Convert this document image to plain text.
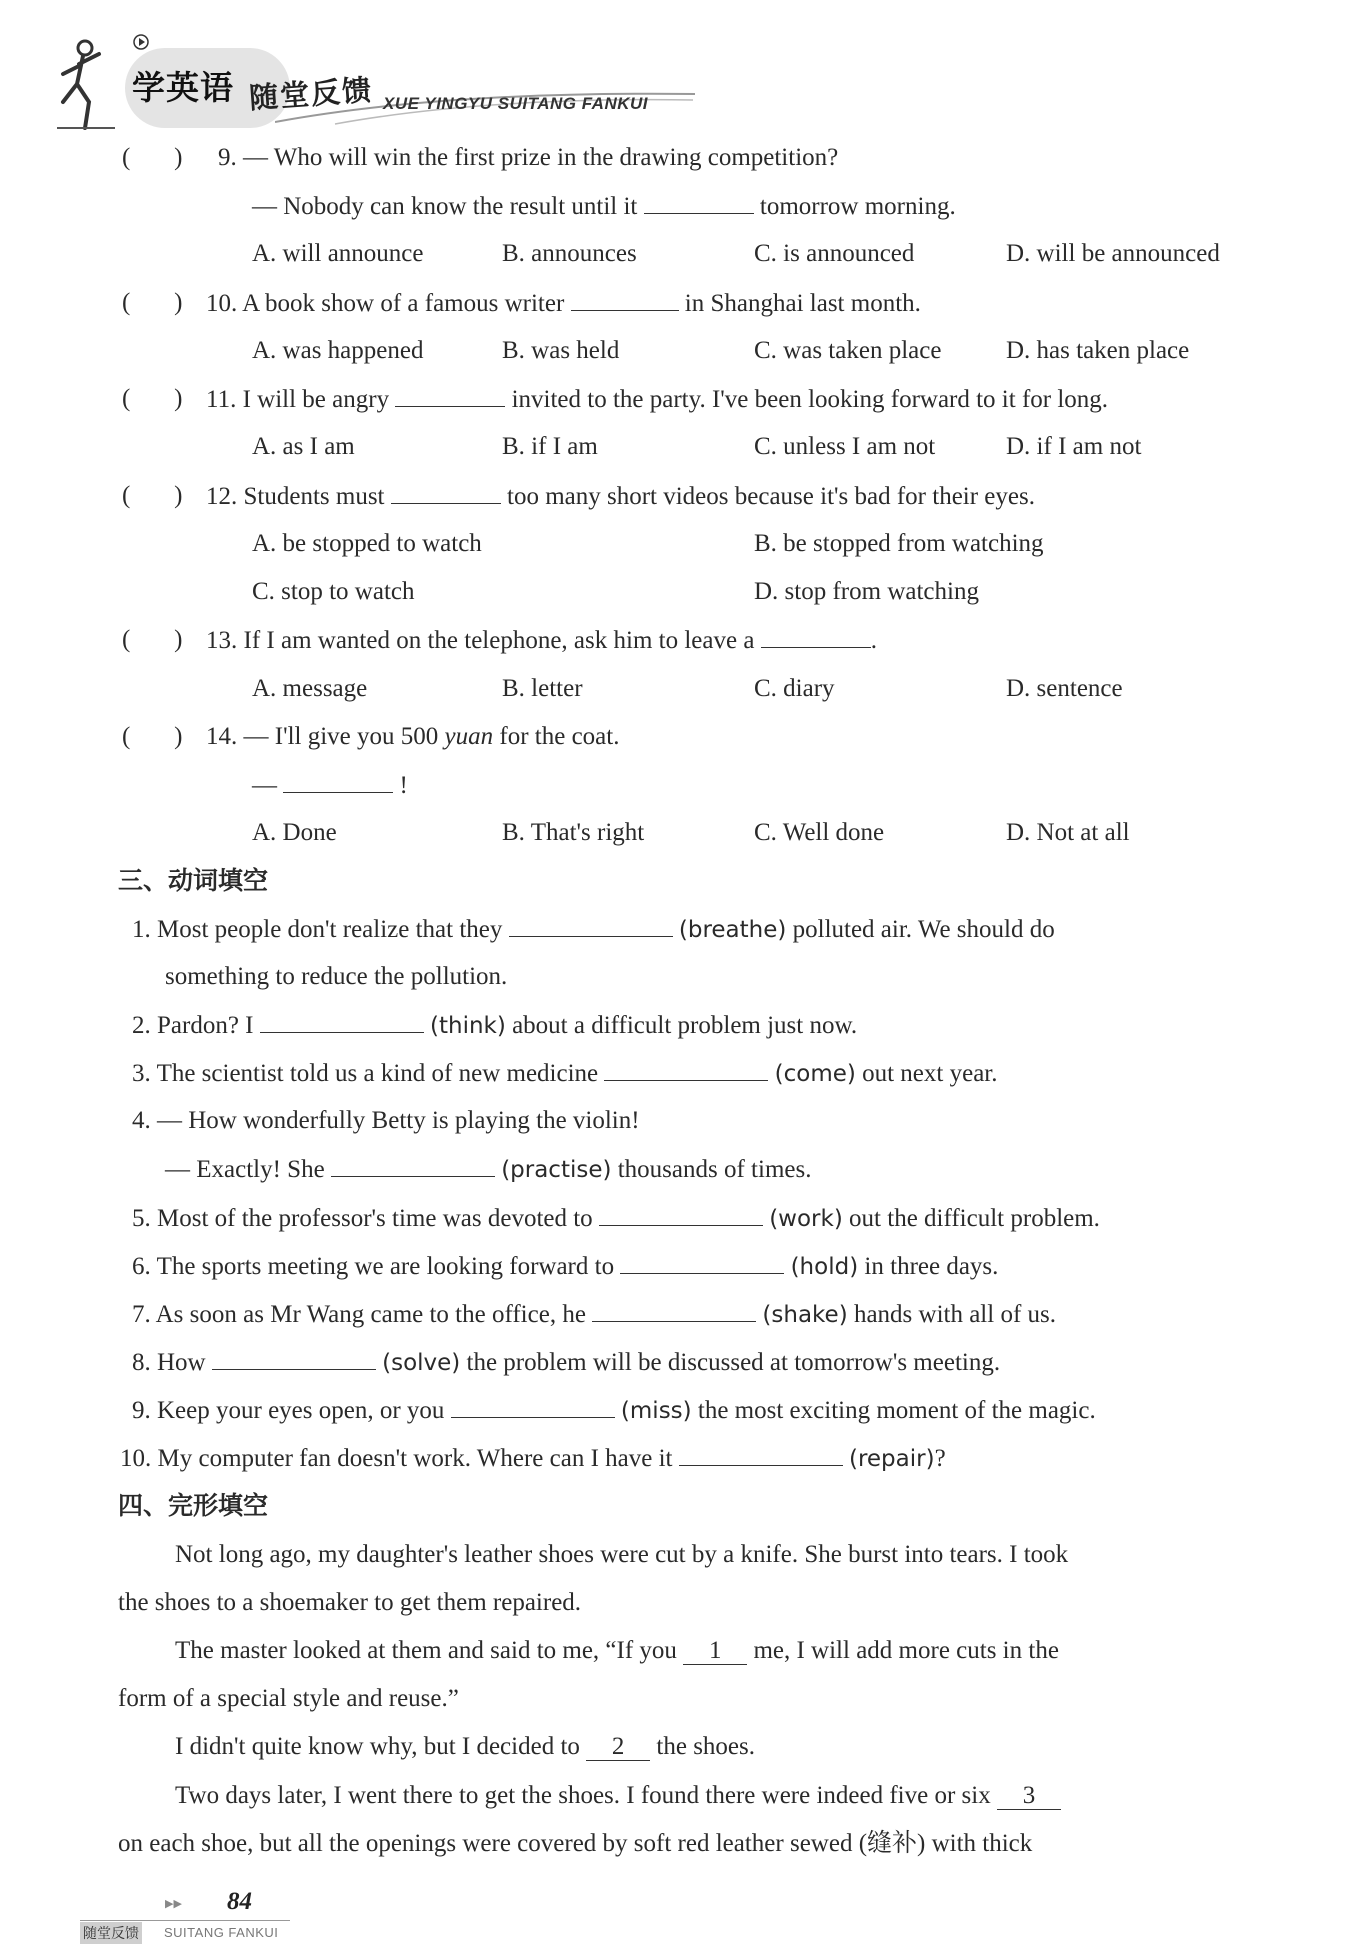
学英语 随堂反馈 XUE YINGYU SUITANG FANKUI
(       ) 9. — Who will win the first prize in the drawing competition?
— Nobody can know the result until it	tomorrow morning.
A. will announce	B. announces	C. is announced	D. will be announced
(       ) 10. A book show of a famous writer	in Shanghai last month.
A. was happened	B. was held	C. was taken place	D. has taken place
(       ) 11. I will be angry	invited to the party. I've been looking forward to it for long.
A. as I am	B. if I am	C. unless I am not	D. if I am not
(       ) 12. Students must	too many short videos because it's bad for their eyes.
A. be stopped to watch	B. be stopped from watching
C. stop to watch	D. stop from watching
(       ) 13. If I am wanted on the telephone, ask him to leave a	.
A. message	B. letter	C. diary	D. sentence
(       ) 14. — I'll give you 500 yuan for the coat.
—	!
A. Done	B. That's right	C. Well done	D. Not at all
三、动词填空
1. Most people don't realize that they	(breathe) polluted air. We should do
something to reduce the pollution.
2. Pardon? I	(think) about a difficult problem just now.
3. The scientist told us a kind of new medicine	(come) out next year.
4. — How wonderfully Betty is playing the violin!
— Exactly! She	(practise) thousands of times.
5. Most of the professor's time was devoted to	(work) out the difficult problem.
6. The sports meeting we are looking forward to	(hold) in three days.
7. As soon as Mr Wang came to the office, he	(shake) hands with all of us.
8. How	(solve) the problem will be discussed at tomorrow's meeting.
9. Keep your eyes open, or you	(miss) the most exciting moment of the magic.
10. My computer fan doesn't work. Where can I have it	(repair)?
四、完形填空
Not long ago, my daughter's leather shoes were cut by a knife. She burst into tears. I took
the shoes to a shoemaker to get them repaired.
The master looked at them and said to me, “If you 1 me, I will add more cuts in the
form of a special style and reuse.”
I didn't quite know why, but I decided to 2 the shoes.
Two days later, I went there to get the shoes. I found there were indeed five or six 3
on each shoe, but all the openings were covered by soft red leather sewed (缝补) with thick
▶▶ 84
随堂反馈 SUITANG FANKUI
